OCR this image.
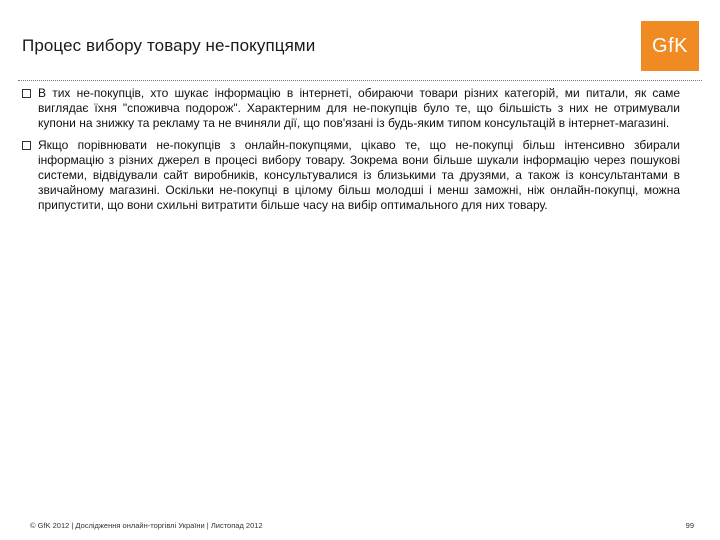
Процес вибору товару не-покупцями	GfK

В тих не-покупців, хто шукає інформацію в інтернеті, обираючи товари різних категорій, ми питали, як саме виглядає їхня "споживча подорож". Характерним для не-покупців було те, що більшість з них не отримували купони на знижку та рекламу та не вчиняли дії, що пов'язані із будь-яким типом консультацій в інтернет-магазині.

Якщо порівнювати не-покупців з онлайн-покупцями, цікаво те, що не-покупці більш інтенсивно збирали інформацію з різних джерел в процесі вибору товару. Зокрема вони більше шукали інформацію через пошукові системи, відвідували сайт виробників, консультувалися із близькими та друзями, а також із консультантами в звичайному магазині. Оскільки не-покупці в цілому більш молодші і менш заможні, ніж онлайн-покупці, можна припустити, що вони схильні витратити більше часу на вибір оптимального для них товару.

© GfK 2012 | Дослідження онлайн-торгівлі України | Листопад 2012	99
